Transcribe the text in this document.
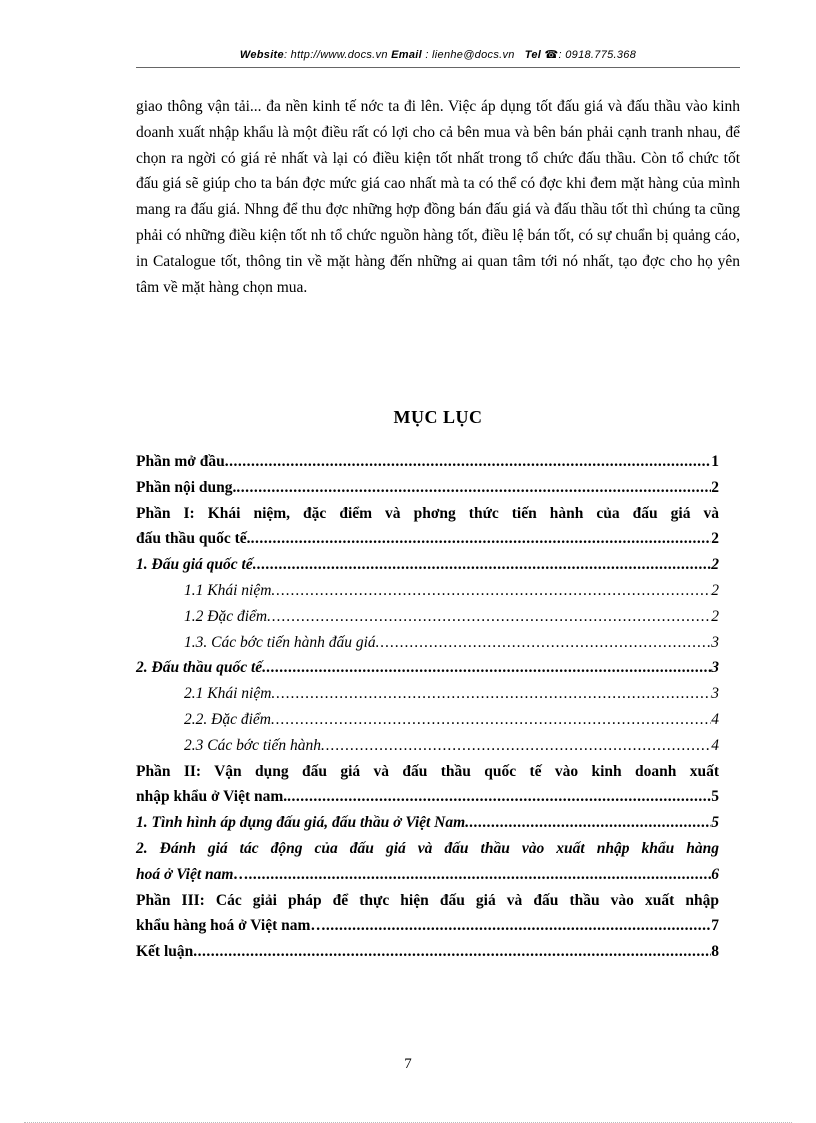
Website: http://www.docs.vn Email : lienhe@docs.vn Tel ☎: 0918.775.368

giao thông vận tải... đa nền kinh tế nớc ta đi lên. Việc áp dụng tốt đấu giá và đấu thầu vào kinh doanh xuất nhập khẩu là một điều rất có lợi cho cả bên mua và bên bán phải cạnh tranh nhau, để chọn ra ngời có giá rẻ nhất và lại có điều kiện tốt nhất trong tổ chức đấu thầu. Còn tổ chức tốt đấu giá sẽ giúp cho ta bán đợc mức giá cao nhất mà ta có thể có đợc khi đem mặt hàng của mình mang ra đấu giá. Nhng để thu đợc những hợp đồng bán đấu giá và đấu thầu tốt thì chúng ta cũng phải có những điều kiện tốt nh tổ chức nguồn hàng tốt, điều lệ bán tốt, có sự chuẩn bị quảng cáo, in Catalogue tốt, thông tin về mặt hàng đến những ai quan tâm tới nó nhất, tạo đợc cho họ yên tâm về mặt hàng chọn mua.

MỤC LỤC
Phần mở đầu .....	1
Phần nội dung. .....	2
Phần I: Khái niệm, đặc điểm và phơng thức tiến hành của đấu giá và
đấu thầu quốc tế. .....	2
1. Đấu giá quốc tế .....	2
1.1 Khái niệm .....	2
1.2 Đặc điểm .....	2
1.3. Các bớc tiến hành đấu giá .....	3
2. Đấu thầu quốc tế .....	3
2.1 Khái niệm .....	3
2.2. Đặc điểm .....	4
2.3 Các bớc tiến hành .....	4
Phần II: Vận dụng đấu giá và đấu thầu quốc tế vào kinh doanh xuất
nhập khẩu ở Việt nam. .....	5
1. Tình hình áp dụng đấu giá, đấu thầu ở Việt Nam .....	5
2. Đánh giá tác động của đấu giá và đấu thầu vào xuất nhập khẩu hàng
hoá ở Việt nam… .....	6
Phần III: Các giải pháp để thực hiện đấu giá và đấu thầu vào xuất nhập
khẩu hàng hoá ở Việt nam… .....	7
Kết luận .....	8
7
